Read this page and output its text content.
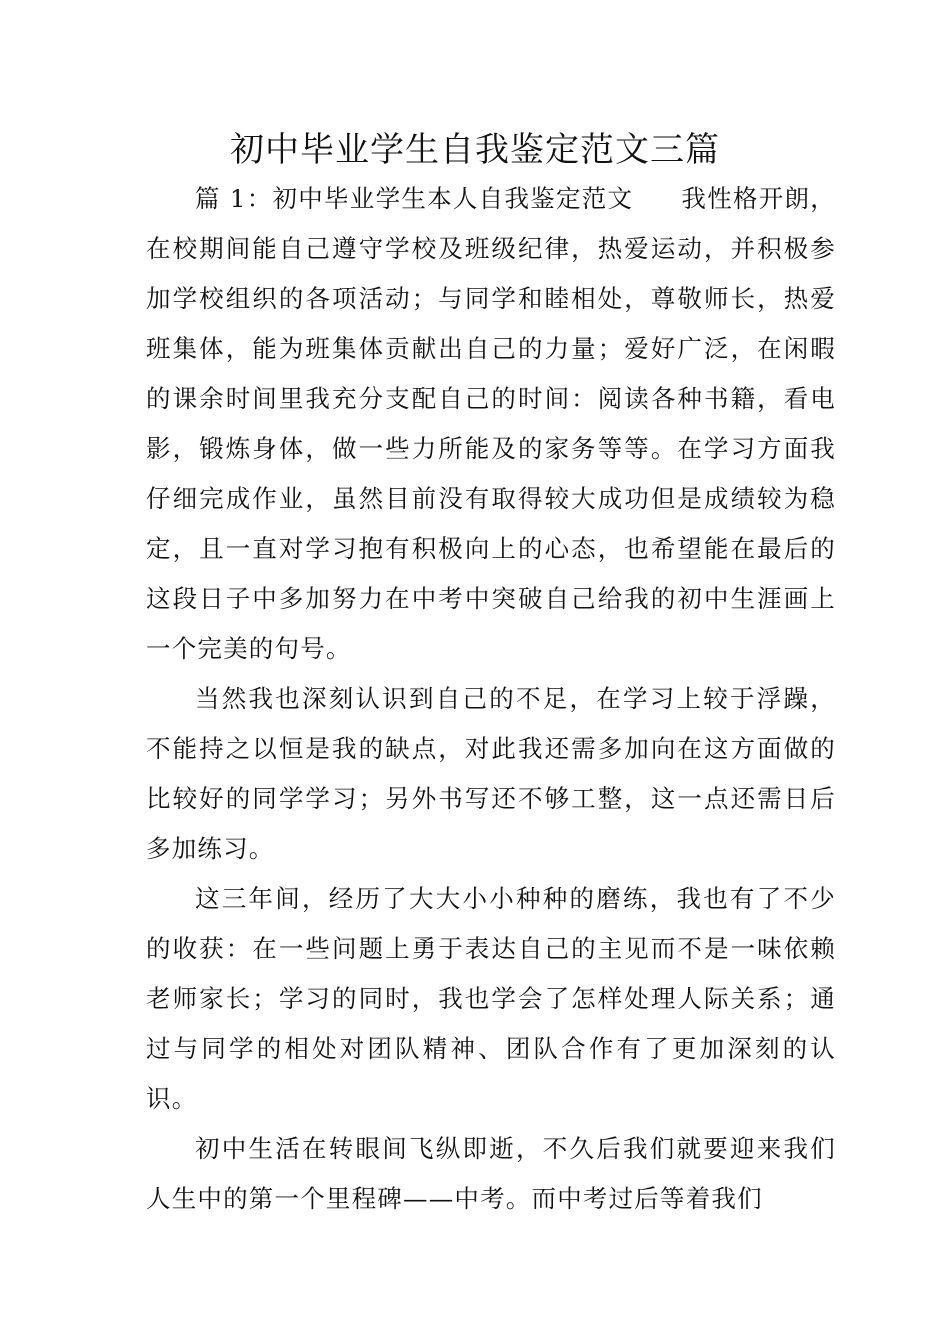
初中毕业学生自我鉴定范文三篇

篇 1：初中毕业学生本人自我鉴定范文 我性格开朗，在校期间能自己遵守学校及班级纪律，热爱运动，并积极参加学校组织的各项活动；与同学和睦相处，尊敬师长，热爱班集体，能为班集体贡献出自己的力量；爱好广泛，在闲暇的课余时间里我充分支配自己的时间：阅读各种书籍，看电影，锻炼身体，做一些力所能及的家务等等。在学习方面我仔细完成作业，虽然目前没有取得较大成功但是成绩较为稳定，且一直对学习抱有积极向上的心态，也希望能在最后的这段日子中多加努力在中考中突破自己给我的初中生涯画上一个完美的句号。

当然我也深刻认识到自己的不足，在学习上较于浮躁，不能持之以恒是我的缺点，对此我还需多加向在这方面做的比较好的同学学习；另外书写还不够工整，这一点还需日后多加练习。

这三年间，经历了大大小小种种的磨练，我也有了不少的收获：在一些问题上勇于表达自己的主见而不是一味依赖老师家长；学习的同时，我也学会了怎样处理人际关系；通过与同学的相处对团队精神、团队合作有了更加深刻的认识。

初中生活在转眼间飞纵即逝，不久后我们就要迎来我们人生中的第一个里程碑——中考。而中考过后等着我们
